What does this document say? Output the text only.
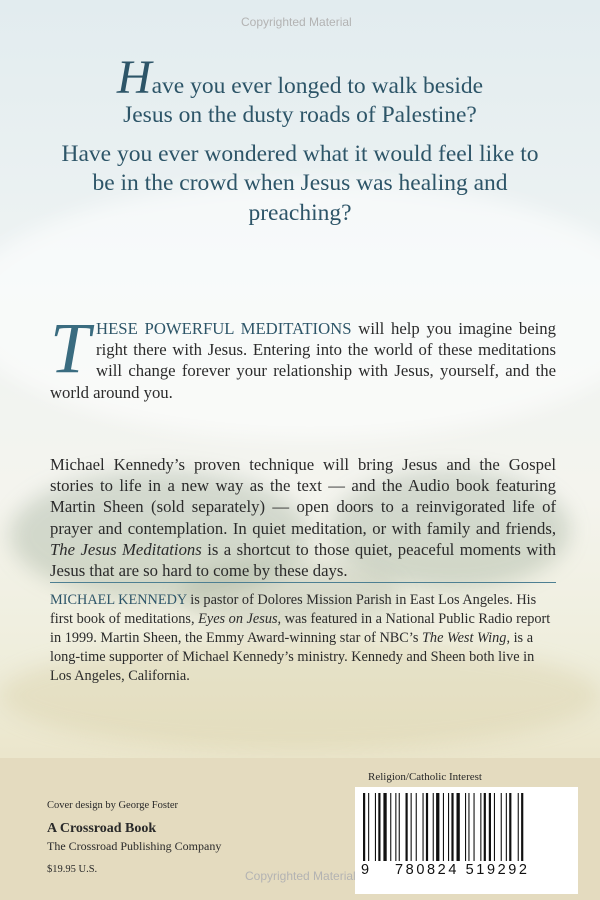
Copyrighted Material

Have you ever longed to walk beside
Jesus on the dusty roads of Palestine?

Have you ever wondered what it would feel like to be in the crowd when Jesus was healing and preaching?

THESE POWERFUL MEDITATIONS will help you imagine being right there with Jesus. Entering into the world of these meditations will change forever your relationship with Jesus, yourself, and the world around you.
Michael Kennedy’s proven technique will bring Jesus and the Gospel stories to life in a new way as the text — and the Audio book featuring Martin Sheen (sold separately) — open doors to a reinvigorated life of prayer and contemplation. In quiet meditation, or with family and friends, The Jesus Meditations is a shortcut to those quiet, peaceful moments with Jesus that are so hard to come by these days.
MICHAEL KENNEDY is pastor of Dolores Mission Parish in East Los Angeles. His first book of meditations, Eyes on Jesus, was featured in a National Public Radio report in 1999. Martin Sheen, the Emmy Award-winning star of NBC’s The West Wing, is a long-time supporter of Michael Kennedy’s ministry. Kennedy and Sheen both live in Los Angeles, California.

Cover design by George Foster

A Crossroad Book

The Crossroad Publishing Company

$19.95 U.S.

Religion/Catholic Interest
9 780824 519292
Copyrighted Material
